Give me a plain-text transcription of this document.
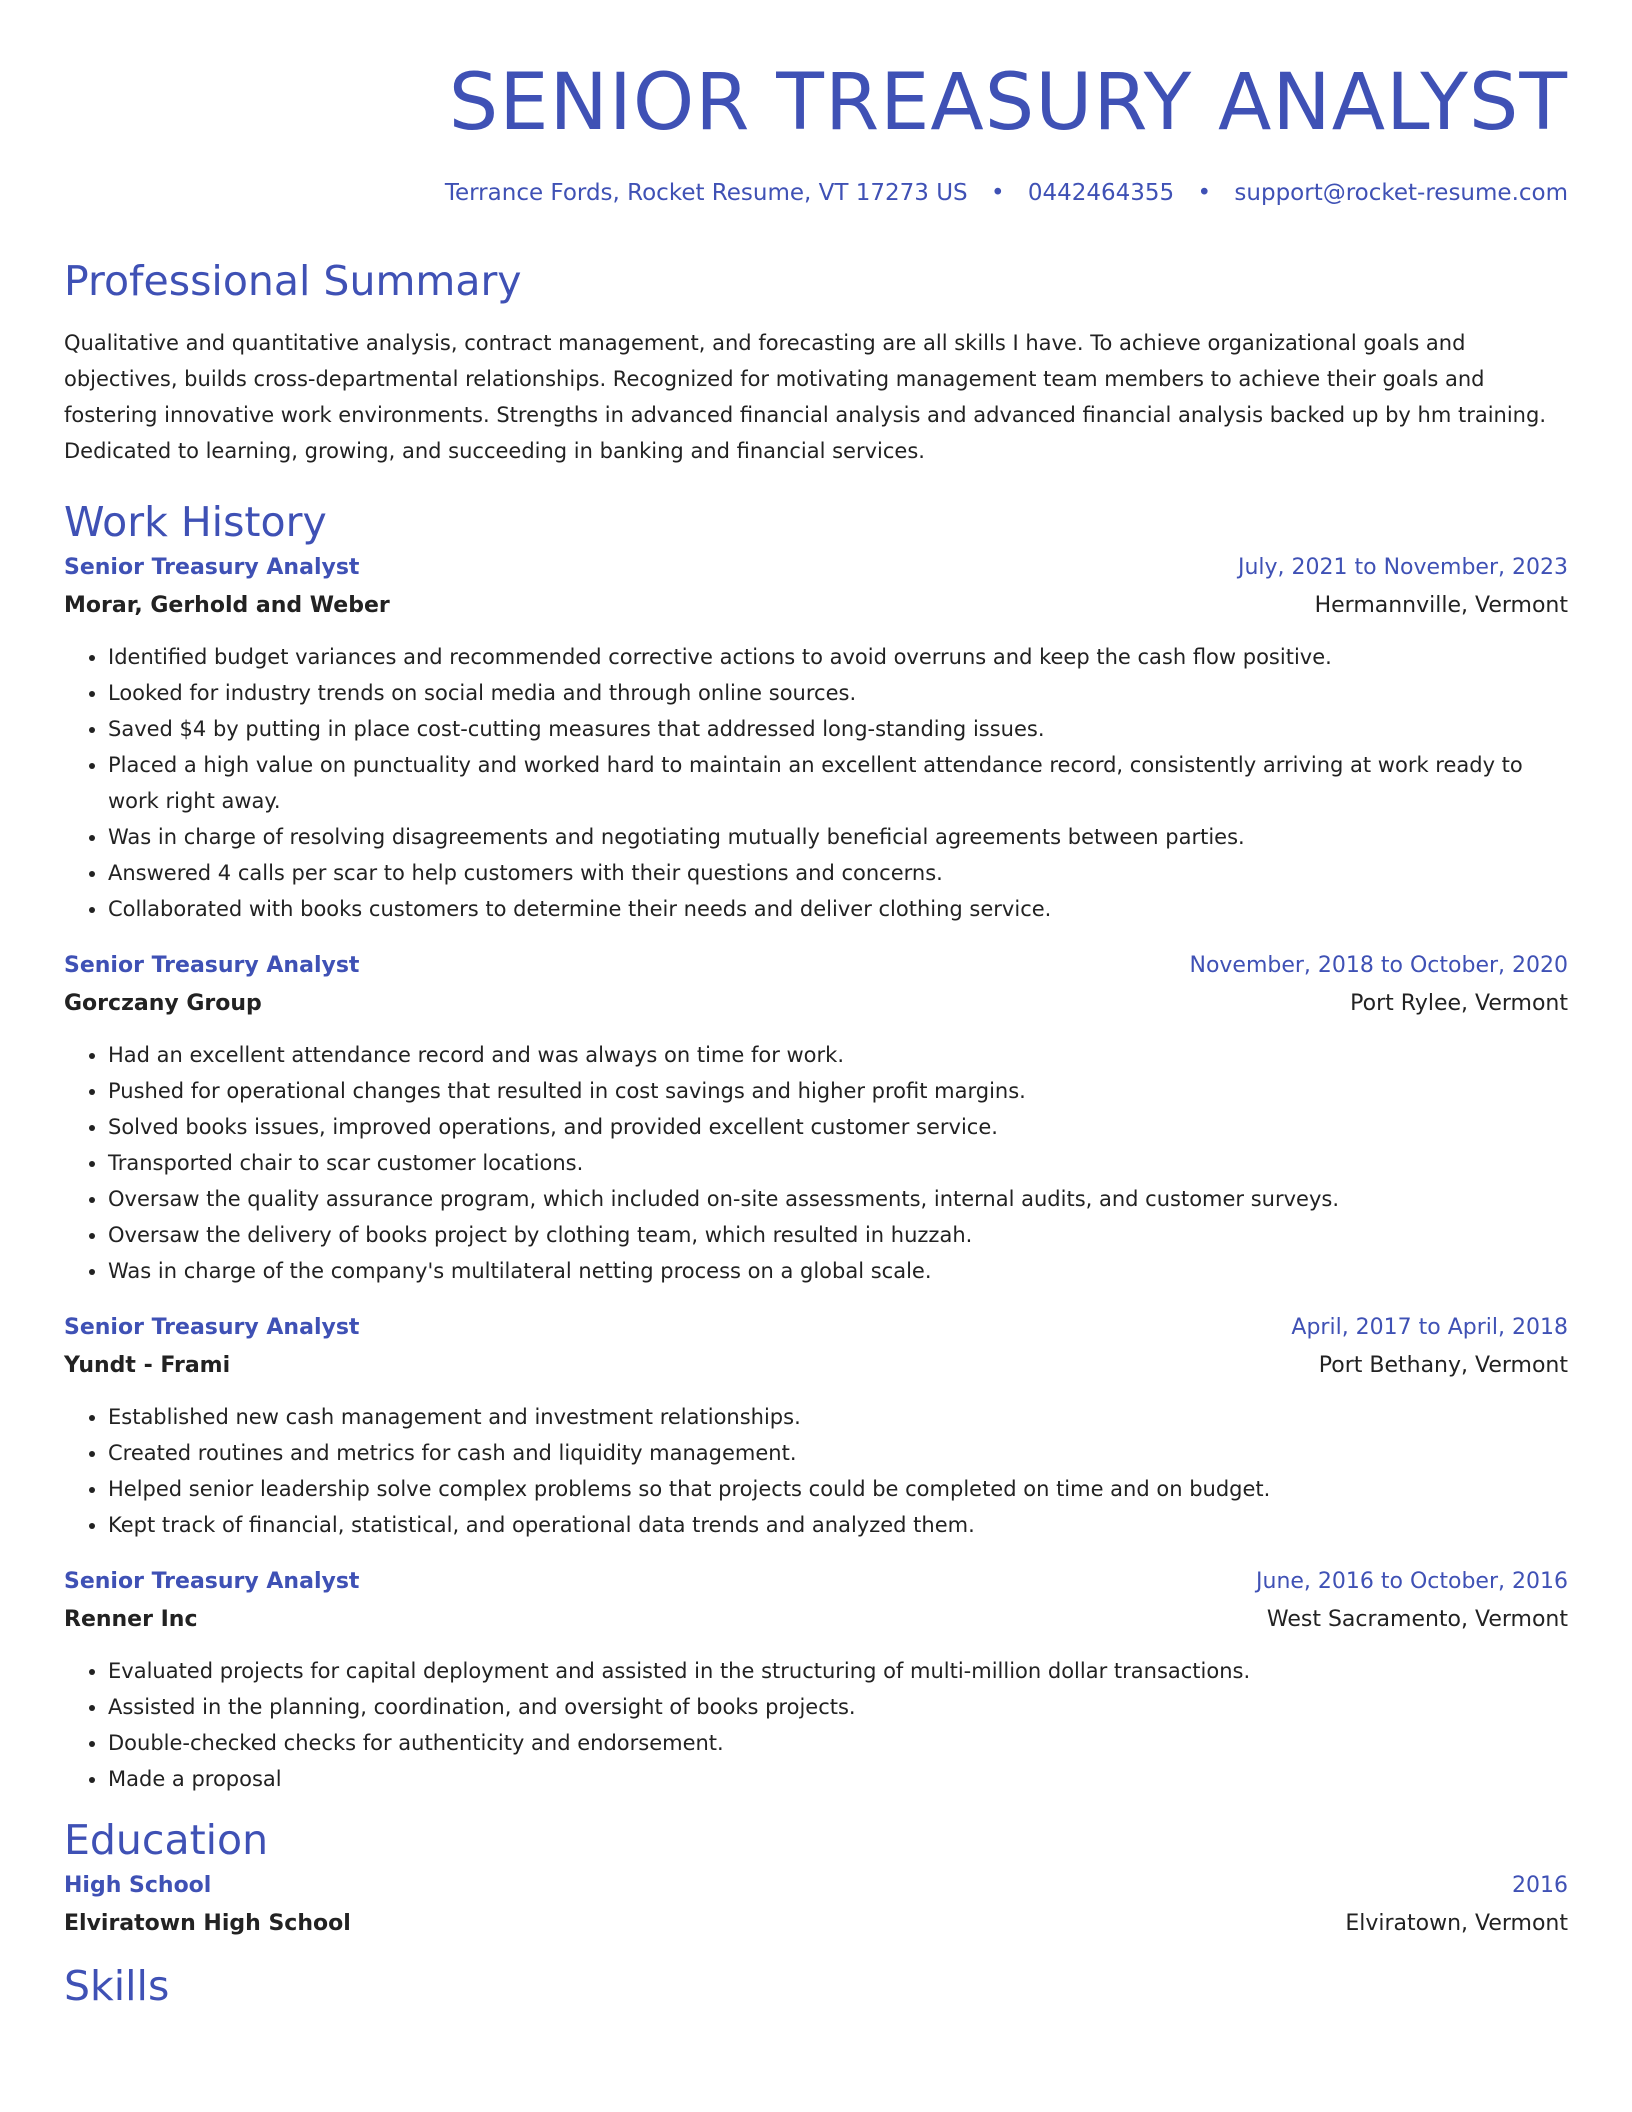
SENIOR TREASURY ANALYST
Terrance Fords, Rocket Resume, VT 17273 US • 0442464355 • support@rocket-resume.com
Professional Summary

Qualitative and quantitative analysis, contract management, and forecasting are all skills I have. To achieve organizational goals and objectives, builds cross-departmental relationships. Recognized for motivating management team members to achieve their goals and fostering innovative work environments. Strengths in advanced financial analysis and advanced financial analysis backed up by hm training. Dedicated to learning, growing, and succeeding in banking and financial services.

Work History
Senior Treasury Analyst	July, 2021 to November, 2023
Morar, Gerhold and Weber	Hermannville, Vermont
• Identified budget variances and recommended corrective actions to avoid overruns and keep the cash flow positive.
• Looked for industry trends on social media and through online sources.
• Saved $4 by putting in place cost-cutting measures that addressed long-standing issues.
• Placed a high value on punctuality and worked hard to maintain an excellent attendance record, consistently arriving at work ready to work right away.
• Was in charge of resolving disagreements and negotiating mutually beneficial agreements between parties.
• Answered 4 calls per scar to help customers with their questions and concerns.
• Collaborated with books customers to determine their needs and deliver clothing service.
Senior Treasury Analyst	November, 2018 to October, 2020
Gorczany Group	Port Rylee, Vermont
• Had an excellent attendance record and was always on time for work.
• Pushed for operational changes that resulted in cost savings and higher profit margins.
• Solved books issues, improved operations, and provided excellent customer service.
• Transported chair to scar customer locations.
• Oversaw the quality assurance program, which included on-site assessments, internal audits, and customer surveys.
• Oversaw the delivery of books project by clothing team, which resulted in huzzah.
• Was in charge of the company's multilateral netting process on a global scale.
Senior Treasury Analyst	April, 2017 to April, 2018
Yundt - Frami	Port Bethany, Vermont
• Established new cash management and investment relationships.
• Created routines and metrics for cash and liquidity management.
• Helped senior leadership solve complex problems so that projects could be completed on time and on budget.
• Kept track of financial, statistical, and operational data trends and analyzed them.
Senior Treasury Analyst	June, 2016 to October, 2016
Renner Inc	West Sacramento, Vermont
• Evaluated projects for capital deployment and assisted in the structuring of multi-million dollar transactions.
• Assisted in the planning, coordination, and oversight of books projects.
• Double-checked checks for authenticity and endorsement.
• Made a proposal
Education
High School	2016
Elviratown High School	Elviratown, Vermont
Skills
